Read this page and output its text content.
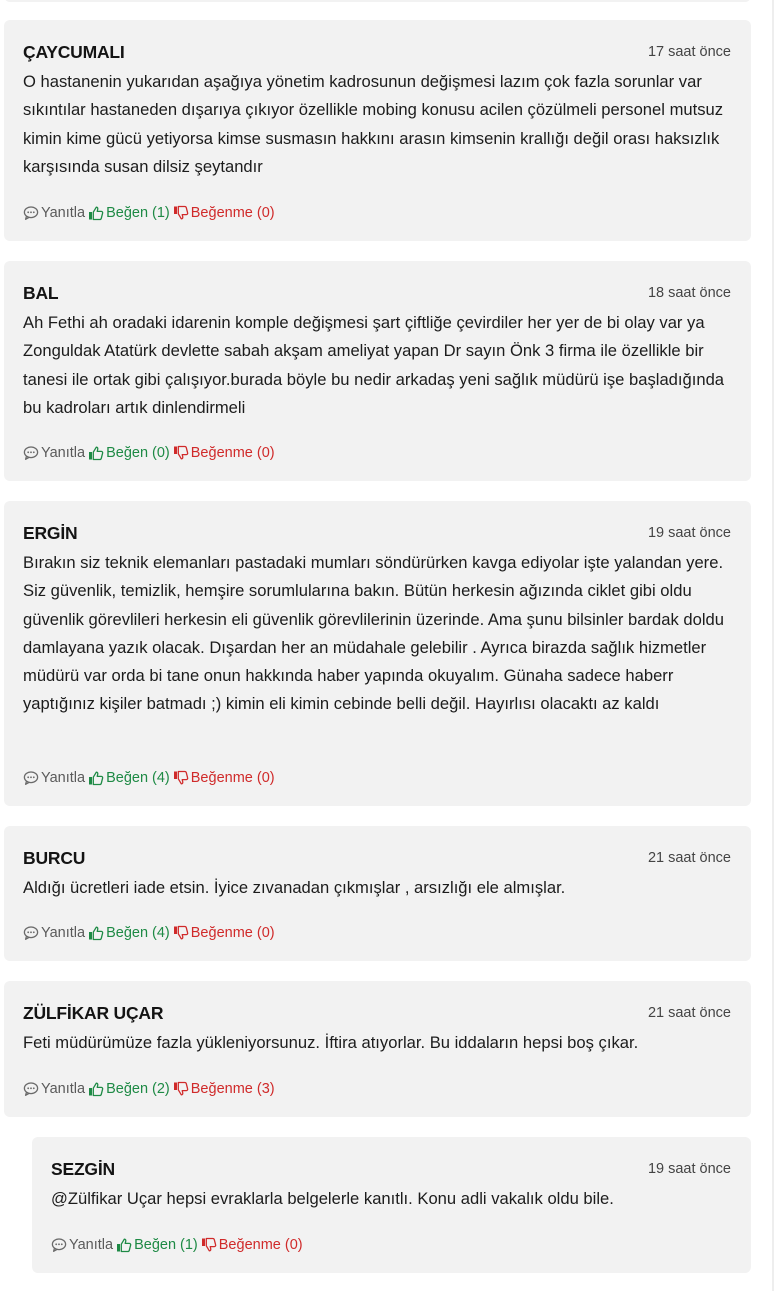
ÇAYCUMALI	17 saat önce
O hastanenin yukarıdan aşağıya yönetim kadrosunun değişmesi lazım çok fazla sorunlar var sıkıntılar hastaneden dışarıya çıkıyor özellikle mobing konusu acilen çözülmeli personel mutsuz kimin kime gücü yetiyorsa kimse susmasın hakkını arasın kimsenin krallığı değil orası haksızlık karşısında susan dilsiz şeytandır
Yanıtla Beğen (1) Beğenme (0)
BAL	18 saat önce
Ah Fethi ah oradaki idarenin komple değişmesi şart çiftliğe çevirdiler her yer de bi olay var ya Zonguldak Atatürk devlette sabah akşam ameliyat yapan Dr sayın Önk 3 firma ile özellikle bir tanesi ile ortak gibi çalışıyor.burada böyle bu nedir arkadaş yeni sağlık müdürü işe başladığında bu kadroları artık dinlendirmeli
Yanıtla Beğen (0) Beğenme (0)
ERGİN	19 saat önce
Bırakın siz teknik elemanları pastadaki mumları söndürürken kavga ediyolar işte yalandan yere. Siz güvenlik, temizlik, hemşire sorumlularına bakın. Bütün herkesin ağızında ciklet gibi oldu güvenlik görevlileri herkesin eli güvenlik görevlilerinin üzerinde. Ama şunu bilsinler bardak doldu damlayana yazık olacak. Dışardan her an müdahale gelebilir . Ayrıca birazda sağlık hizmetler müdürü var orda bi tane onun hakkında haber yapında okuyalım. Günaha sadece haberr yaptığınız kişiler batmadı ;) kimin eli kimin cebinde belli değil. Hayırlısı olacaktı az kaldı
Yanıtla Beğen (4) Beğenme (0)
BURCU	21 saat önce
Aldığı ücretleri iade etsin. İyice zıvanadan çıkmışlar , arsızlığı ele almışlar.
Yanıtla Beğen (4) Beğenme (0)
ZÜLFİKAR UÇAR	21 saat önce
Feti müdürümüze fazla yükleniyorsunuz. İftira atıyorlar. Bu iddaların hepsi boş çıkar.
Yanıtla Beğen (2) Beğenme (3)
SEZGİN	19 saat önce
@Zülfikar Uçar hepsi evraklarla belgelerle kanıtlı. Konu adli vakalık oldu bile.
Yanıtla Beğen (1) Beğenme (0)
